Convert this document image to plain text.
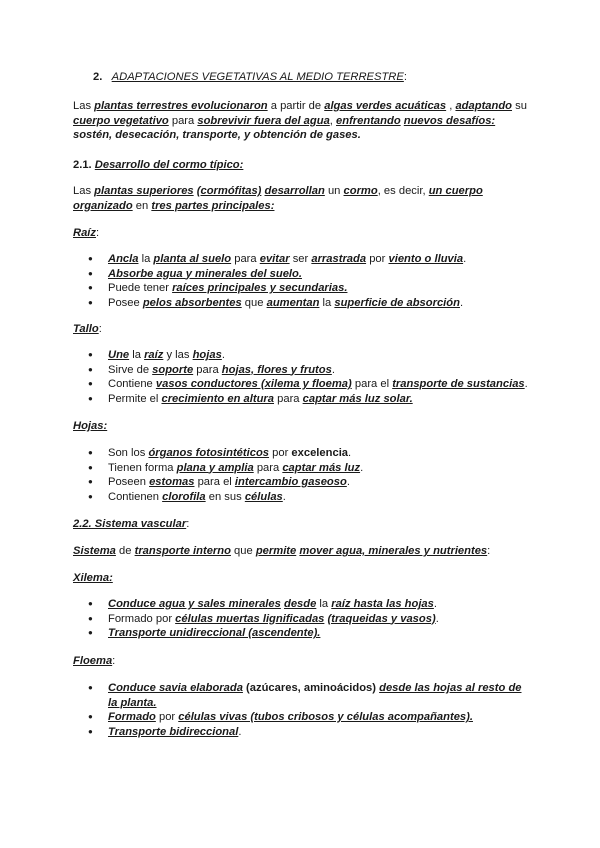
2. ADAPTACIONES VEGETATIVAS AL MEDIO TERRESTRE:
Las plantas terrestres evolucionaron a partir de algas verdes acuáticas , adaptando su
cuerpo vegetativo para sobrevivir fuera del agua, enfrentando nuevos desafíos:
sostén, desecación, transporte, y obtención de gases.
2.1. Desarrollo del cormo típico:
Las plantas superiores (cormófitas) desarrollan un cormo, es decir, un cuerpo
organizado en tres partes principales:
Raíz:
● Ancla la planta al suelo para evitar ser arrastrada por viento o lluvia.
● Absorbe agua y minerales del suelo.
● Puede tener raíces principales y secundarias.
● Posee pelos absorbentes que aumentan la superficie de absorción.
Tallo:
● Une la raíz y las hojas.
● Sirve de soporte para hojas, flores y frutos.
● Contiene vasos conductores (xilema y floema) para el transporte de sustancias.
● Permite el crecimiento en altura para captar más luz solar.
Hojas:
● Son los órganos fotosintéticos por excelencia.
● Tienen forma plana y amplia para captar más luz.
● Poseen estomas para el intercambio gaseoso.
● Contienen clorofila en sus células.
2.2. Sistema vascular:
Sistema de transporte interno que permite mover agua, minerales y nutrientes:
Xilema:
● Conduce agua y sales minerales desde la raíz hasta las hojas.
● Formado por células muertas lignificadas (traqueidas y vasos).
● Transporte unidireccional (ascendente).
Floema:
● Conduce savia elaborada (azúcares, aminoácidos) desde las hojas al resto de
la planta.
● Formado por células vivas (tubos cribosos y células acompañantes).
● Transporte bidireccional.
